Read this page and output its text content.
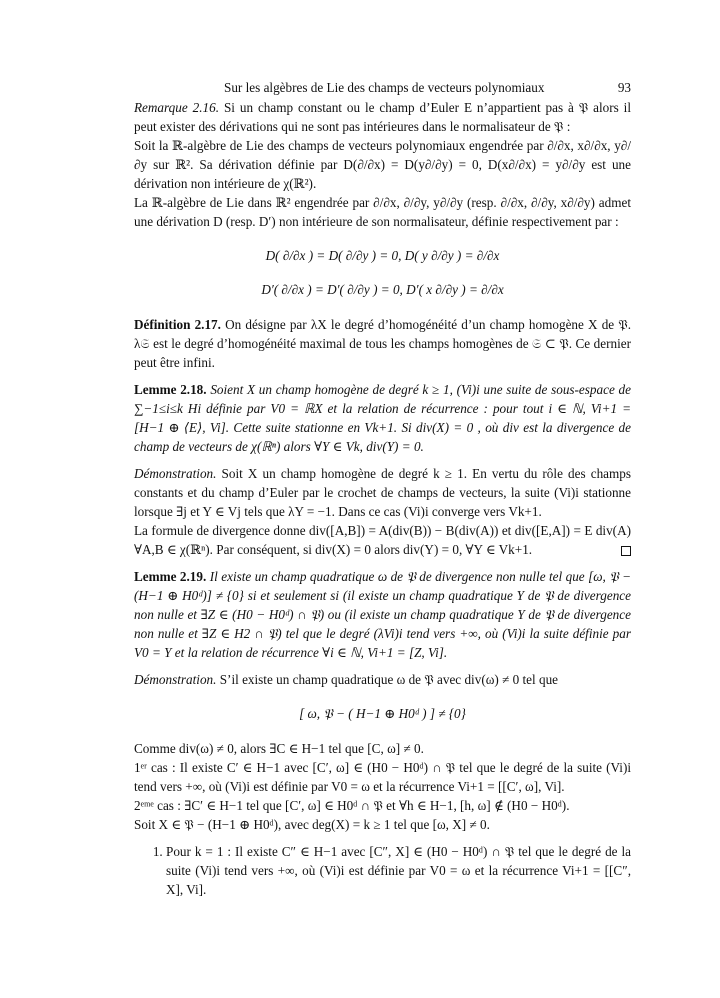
Sur les algèbres de Lie des champs de vecteurs polynomiaux	93

Remarque 2.16. Si un champ constant ou le champ d’Euler E n’appartient pas à 𝔓 alors il peut exister des dérivations qui ne sont pas intérieures dans le normalisateur de 𝔓 :
Soit la ℝ-algèbre de Lie des champs de vecteurs polynomiaux engendrée par ∂/∂x, x∂/∂x, y∂/∂y sur ℝ². Sa dérivation définie par D(∂/∂x) = D(y∂/∂y) = 0, D(x∂/∂x) = y∂/∂y est une dérivation non intérieure de χ(ℝ²).
La ℝ-algèbre de Lie dans ℝ² engendrée par ∂/∂x, ∂/∂y, y∂/∂y (resp. ∂/∂x, ∂/∂y, x∂/∂y) admet une dérivation D (resp. D′) non intérieure de son normalisateur, définie respectivement par :

D( ∂/∂x ) = D( ∂/∂y ) = 0, D( y ∂/∂y ) = ∂/∂x
D′( ∂/∂x ) = D′( ∂/∂y ) = 0, D′( x ∂/∂y ) = ∂/∂x

Définition 2.17. On désigne par λX le degré d’homogénéité d’un champ homogène X de 𝔓. λ𝔖 est le degré d’homogénéité maximal de tous les champs homogènes de 𝔖 ⊂ 𝔓. Ce dernier peut être infini.

Lemme 2.18. Soient X un champ homogène de degré k ≥ 1, (Vi)i une suite de sous-espace de ∑−1≤i≤k Hi définie par V0 = ℝX et la relation de récurrence : pour tout i ∈ ℕ, Vi+1 = [H−1 ⊕ ⟨E⟩, Vi]. Cette suite stationne en Vk+1. Si div(X) = 0 , où div est la divergence de champ de vecteurs de χ(ℝⁿ) alors ∀Y ∈ Vk, div(Y) = 0.

Démonstration. Soit X un champ homogène de degré k ≥ 1. En vertu du rôle des champs constants et du champ d’Euler par le crochet de champs de vecteurs, la suite (Vi)i stationne lorsque ∃j et Y ∈ Vj tels que λY = −1. Dans ce cas (Vi)i converge vers Vk+1.
La formule de divergence donne div([A,B]) = A(div(B)) − B(div(A)) et div([E,A]) = E div(A) ∀A,B ∈ χ(ℝⁿ). Par conséquent, si div(X) = 0 alors div(Y) = 0, ∀Y ∈ Vk+1.

Lemme 2.19. Il existe un champ quadratique ω de 𝔓 de divergence non nulle tel que [ω, 𝔓 − (H−1 ⊕ H0ᵈ)] ≠ {0} si et seulement si (il existe un champ quadratique Y de 𝔓 de divergence non nulle et ∃Z ∈ (H0 − H0ᵈ) ∩ 𝔓) ou (il existe un champ quadratique Y de 𝔓 de divergence non nulle et ∃Z ∈ H2 ∩ 𝔓) tel que le degré (λVi)i tend vers +∞, où (Vi)i la suite définie par V0 = Y et la relation de récurrence ∀i ∈ ℕ, Vi+1 = [Z, Vi].

Démonstration. S’il existe un champ quadratique ω de 𝔓 avec div(ω) ≠ 0 tel que

[ ω, 𝔓 − ( H−1 ⊕ H0ᵈ ) ] ≠ {0}

Comme div(ω) ≠ 0, alors ∃C ∈ H−1 tel que [C, ω] ≠ 0.
1ᵉʳ cas : Il existe C′ ∈ H−1 avec [C′, ω] ∈ (H0 − H0ᵈ) ∩ 𝔓 tel que le degré de la suite (Vi)i tend vers +∞, où (Vi)i est définie par V0 = ω et la récurrence Vi+1 = [[C′, ω], Vi].
2ᵉᵐᵉ cas : ∃C′ ∈ H−1 tel que [C′, ω] ∈ H0ᵈ ∩ 𝔓 et ∀h ∈ H−1, [h, ω] ∉ (H0 − H0ᵈ).
Soit X ∈ 𝔓 − (H−1 ⊕ H0ᵈ), avec deg(X) = k ≥ 1 tel que [ω, X] ≠ 0.

1. Pour k = 1 : Il existe C″ ∈ H−1 avec [C″, X] ∈ (H0 − H0ᵈ) ∩ 𝔓 tel que le degré de la suite (Vi)i tend vers +∞, où (Vi)i est définie par V0 = ω et la récurrence Vi+1 = [[C″, X], Vi].
